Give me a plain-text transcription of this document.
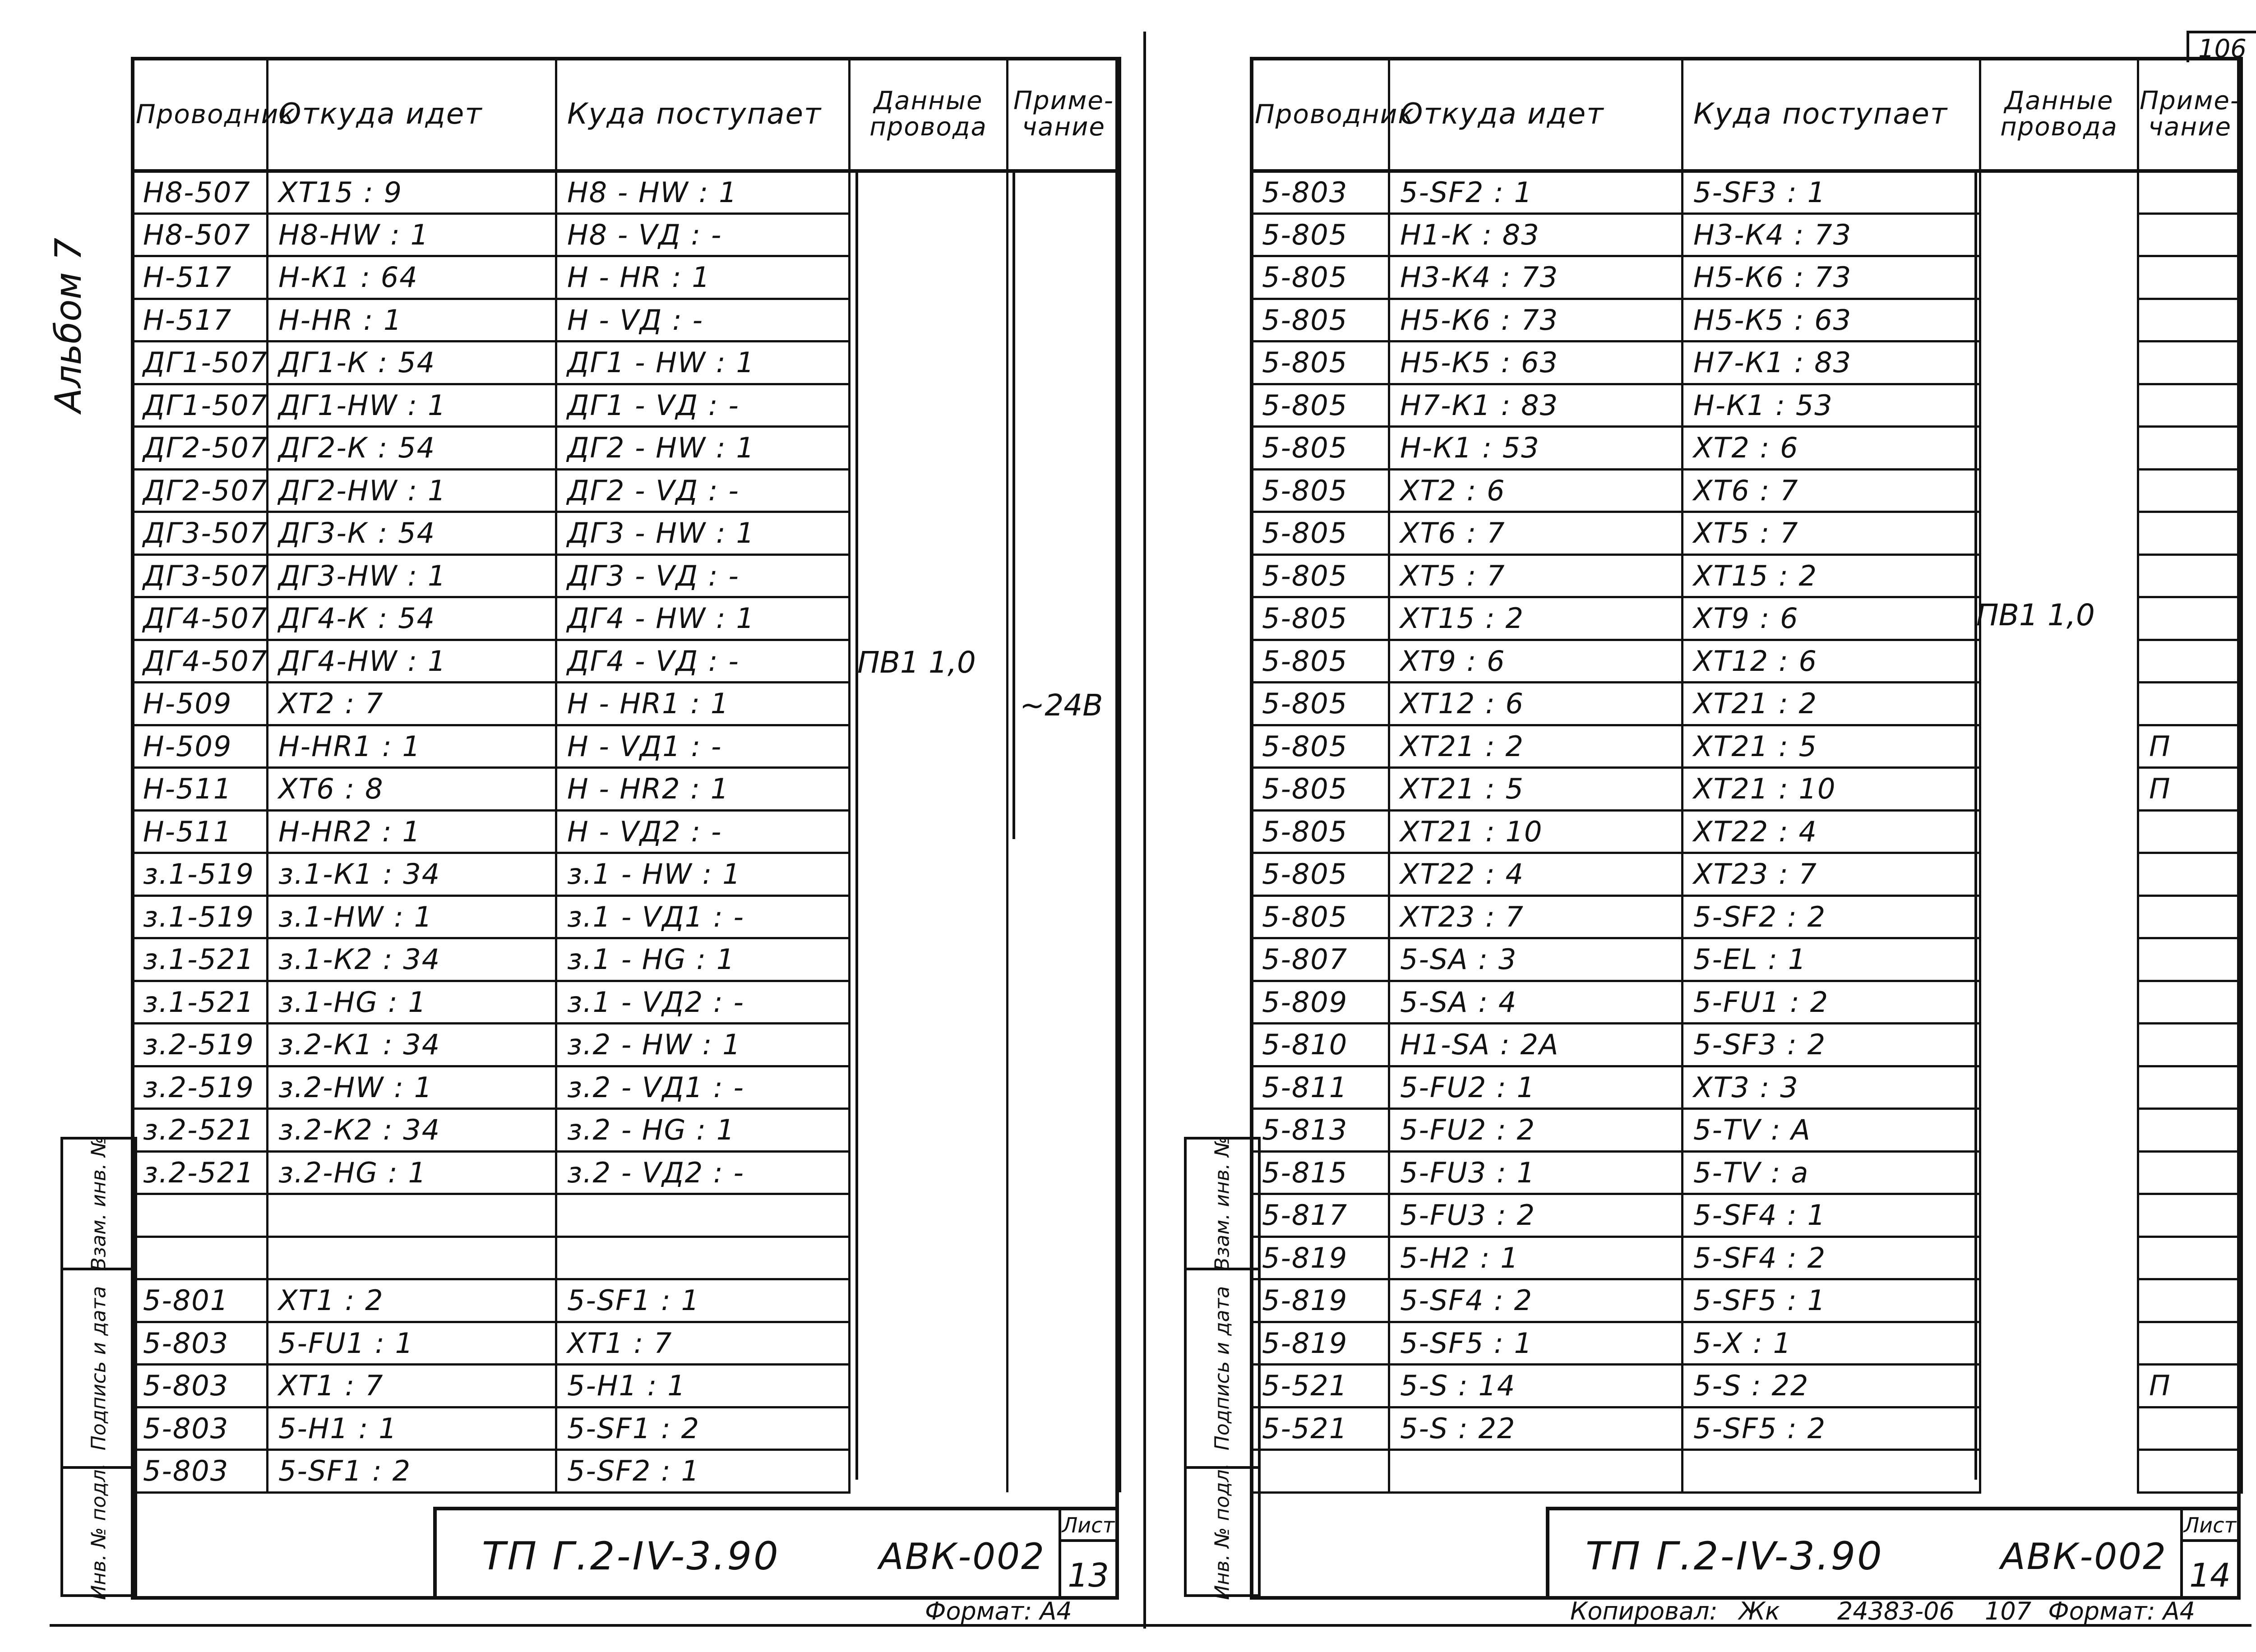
106
Альбом 7
Взам. инв. №
Подпись и дата
Инв. № подл.
Проводник	Откуда идет	Куда поступает	Данные провода	Приме- чание
Н8-507	ХТ15 : 9	Н8 - НW : 1		
Н8-507	Н8-НW : 1	Н8 - VД : -		
Н-517	Н-К1 : 64	Н - НR : 1		
Н-517	Н-НR : 1	Н - VД : -		
ДГ1-507	ДГ1-К : 54	ДГ1 - НW : 1		
ДГ1-507	ДГ1-НW : 1	ДГ1 - VД : -		
ДГ2-507	ДГ2-К : 54	ДГ2 - НW : 1		
ДГ2-507	ДГ2-НW : 1	ДГ2 - VД : -		
ДГ3-507	ДГ3-К : 54	ДГ3 - НW : 1		
ДГ3-507	ДГ3-НW : 1	ДГ3 - VД : -		
ДГ4-507	ДГ4-К : 54	ДГ4 - НW : 1		
ДГ4-507	ДГ4-НW : 1	ДГ4 - VД : -		
Н-509	ХТ2 : 7	Н - НR1 : 1		
Н-509	Н-НR1 : 1	Н - VД1 : -		
Н-511	ХТ6 : 8	Н - НR2 : 1		
Н-511	Н-НR2 : 1	Н - VД2 : -		
з.1-519	з.1-К1 : 34	з.1 - НW : 1		
з.1-519	з.1-НW : 1	з.1 - VД1 : -		
з.1-521	з.1-К2 : 34	з.1 - НG : 1		
з.1-521	з.1-НG : 1	з.1 - VД2 : -		
з.2-519	з.2-К1 : 34	з.2 - НW : 1		
з.2-519	з.2-НW : 1	з.2 - VД1 : -		
з.2-521	з.2-К2 : 34	з.2 - НG : 1		
з.2-521	з.2-НG : 1	з.2 - VД2 : -		

5-801	ХТ1 : 2	5-SF1 : 1		
5-803	5-FU1 : 1	ХТ1 : 7		
5-803	ХТ1 : 7	5-Н1 : 1		
5-803	5-Н1 : 1	5-SF1 : 2		
5-803	5-SF1 : 2	5-SF2 : 1		
ПВ1 1,0
~24В
ТП Г.2-IV-3.90	АВК-002
Лист
13
Формат: А4
Взам. инв. №
Подпись и дата
Инв. № подл.
Проводник	Откуда идет	Куда поступает	Данные провода	Приме- чание
5-803	5-SF2 : 1	5-SF3 : 1		
5-805	Н1-К : 83	Н3-К4 : 73		
5-805	Н3-К4 : 73	Н5-К6 : 73		
5-805	Н5-К6 : 73	Н5-К5 : 63		
5-805	Н5-К5 : 63	Н7-К1 : 83		
5-805	Н7-К1 : 83	Н-К1 : 53		
5-805	Н-К1 : 53	ХТ2 : 6		
5-805	ХТ2 : 6	ХТ6 : 7		
5-805	ХТ6 : 7	ХТ5 : 7		
5-805	ХТ5 : 7	ХТ15 : 2		
5-805	ХТ15 : 2	ХТ9 : 6		
5-805	ХТ9 : 6	ХТ12 : 6		
5-805	ХТ12 : 6	ХТ21 : 2		
5-805	ХТ21 : 2	ХТ21 : 5		П
5-805	ХТ21 : 5	ХТ21 : 10		П
5-805	ХТ21 : 10	ХТ22 : 4		
5-805	ХТ22 : 4	ХТ23 : 7		
5-805	ХТ23 : 7	5-SF2 : 2		
5-807	5-SА : 3	5-ЕL : 1		
5-809	5-SА : 4	5-FU1 : 2		
5-810	Н1-SА : 2А	5-SF3 : 2		
5-811	5-FU2 : 1	ХТ3 : 3		
5-813	5-FU2 : 2	5-ТV : А		
5-815	5-FU3 : 1	5-ТV : а		
5-817	5-FU3 : 2	5-SF4 : 1		
5-819	5-Н2 : 1	5-SF4 : 2		
5-819	5-SF4 : 2	5-SF5 : 1		
5-819	5-SF5 : 1	5-Х : 1		
5-521	5-S : 14	5-S : 22		П
5-521	5-S : 22	5-SF5 : 2		

ПВ1 1,0
ТП Г.2-IV-3.90	АВК-002
Лист
14
Копировал: Жк 24383-06 107 Формат: А4
